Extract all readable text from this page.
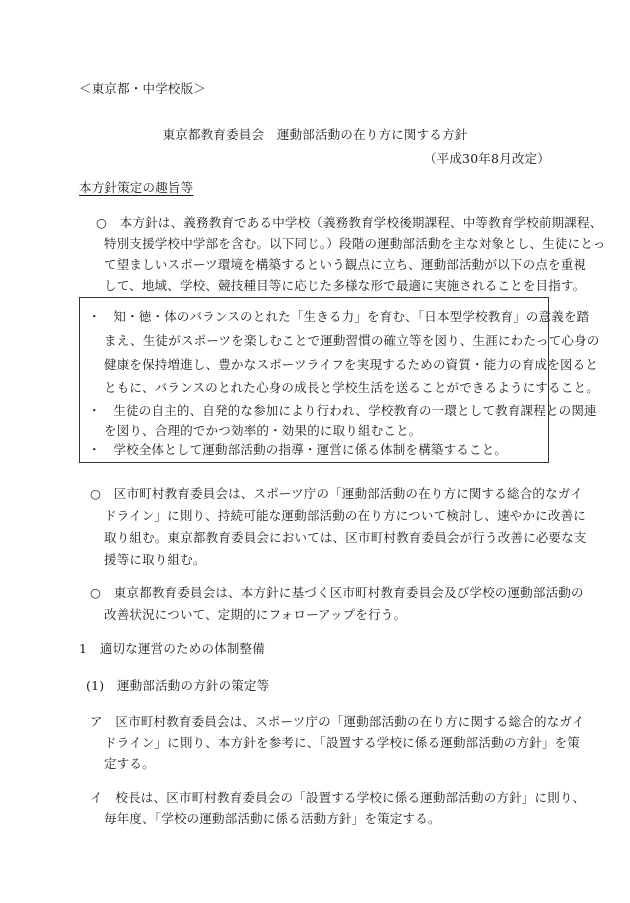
＜東京都・中学校版＞
東京都教育委員会　運動部活動の在り方に関する方針
（平成30年8月改定）
本方針策定の趣旨等
○　本方針は、義務教育である中学校（義務教育学校後期課程、中等教育学校前期課程、
特別支援学校中学部を含む。以下同じ。）段階の運動部活動を主な対象とし、生徒にとっ
て望ましいスポーツ環境を構築するという観点に立ち、運動部活動が以下の点を重視
して、地域、学校、競技種目等に応じた多様な形で最適に実施されることを目指す。
・　知・徳・体のバランスのとれた「生きる力」を育む、「日本型学校教育」の意義を踏
まえ、生徒がスポーツを楽しむことで運動習慣の確立等を図り、生涯にわたって心身の
健康を保持増進し、豊かなスポーツライフを実現するための資質・能力の育成を図ると
ともに、バランスのとれた心身の成長と学校生活を送ることができるようにすること。
・　生徒の自主的、自発的な参加により行われ、学校教育の一環として教育課程との関連
を図り、合理的でかつ効率的・効果的に取り組むこと。
・　学校全体として運動部活動の指導・運営に係る体制を構築すること。
○　区市町村教育委員会は、スポーツ庁の「運動部活動の在り方に関する総合的なガイ
ドライン」に則り、持続可能な運動部活動の在り方について検討し、速やかに改善に
取り組む。東京都教育委員会においては、区市町村教育委員会が行う改善に必要な支
援等に取り組む。
○　東京都教育委員会は、本方針に基づく区市町村教育委員会及び学校の運動部活動の
改善状況について、定期的にフォローアップを行う。
1　適切な運営のための体制整備
(1)　運動部活動の方針の策定等
ア　区市町村教育委員会は、スポーツ庁の「運動部活動の在り方に関する総合的なガイ
ドライン」に則り、本方針を参考に、「設置する学校に係る運動部活動の方針」を策
定する。
イ　校長は、区市町村教育委員会の「設置する学校に係る運動部活動の方針」に則り、
毎年度、「学校の運動部活動に係る活動方針」を策定する。
